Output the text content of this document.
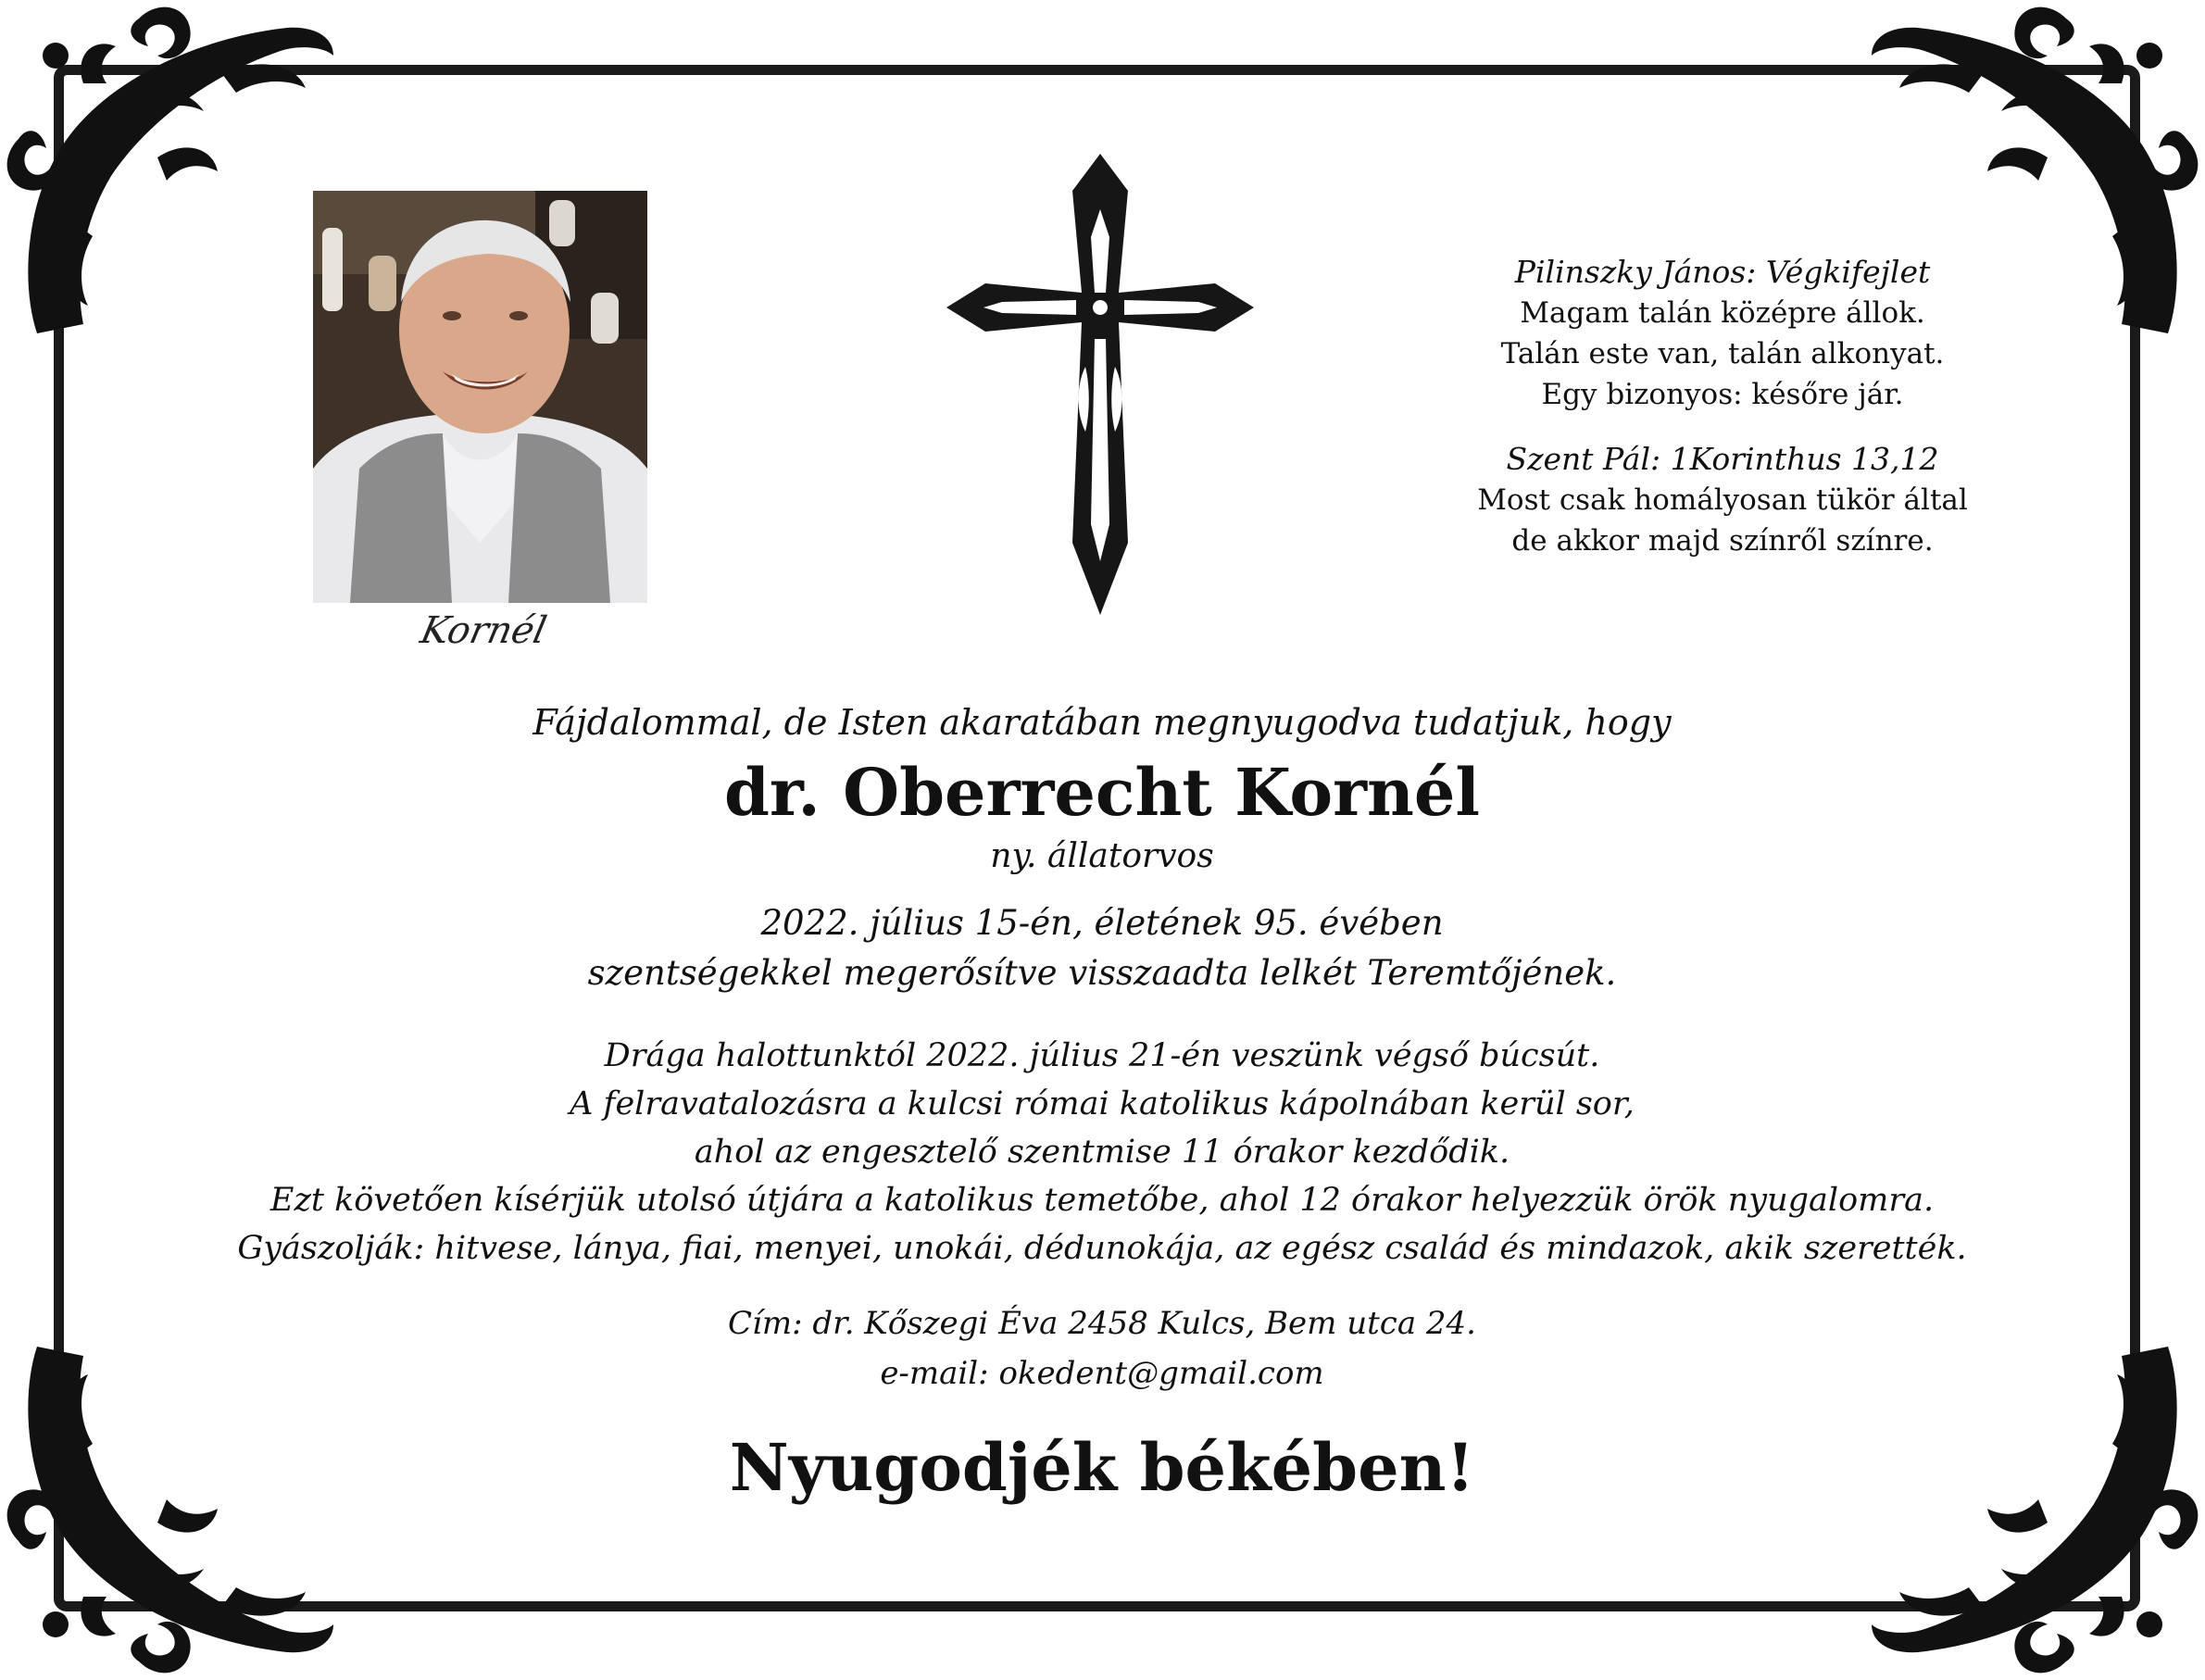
Kornél
Pilinszky János: Végkifejlet
Magam talán középre állok.
Talán este van, talán alkonyat.
Egy bizonyos: későre jár.
Szent Pál: 1Korinthus 13,12
Most csak homályosan tükör által
de akkor majd színről színre.

Fájdalommal, de Isten akaratában megnyugodva tudatjuk, hogy

dr. Oberrecht Kornél

ny. állatorvos

2022. július 15-én, életének 95. évében
szentségekkel megerősítve visszaadta lelkét Teremtőjének.

Drága halottunktól 2022. július 21-én veszünk végső búcsút.
A felravatalozásra a kulcsi római katolikus kápolnában kerül sor,
ahol az engesztelő szentmise 11 órakor kezdődik.
Ezt követően kísérjük utolsó útjára a katolikus temetőbe, ahol 12 órakor helyezzük örök nyugalomra.
Gyászolják: hitvese, lánya, fiai, menyei, unokái, dédunokája, az egész család és mindazok, akik szerették.

Cím: dr. Kőszegi Éva 2458 Kulcs, Bem utca 24.
e-mail: okedent@gmail.com

Nyugodjék békében!
